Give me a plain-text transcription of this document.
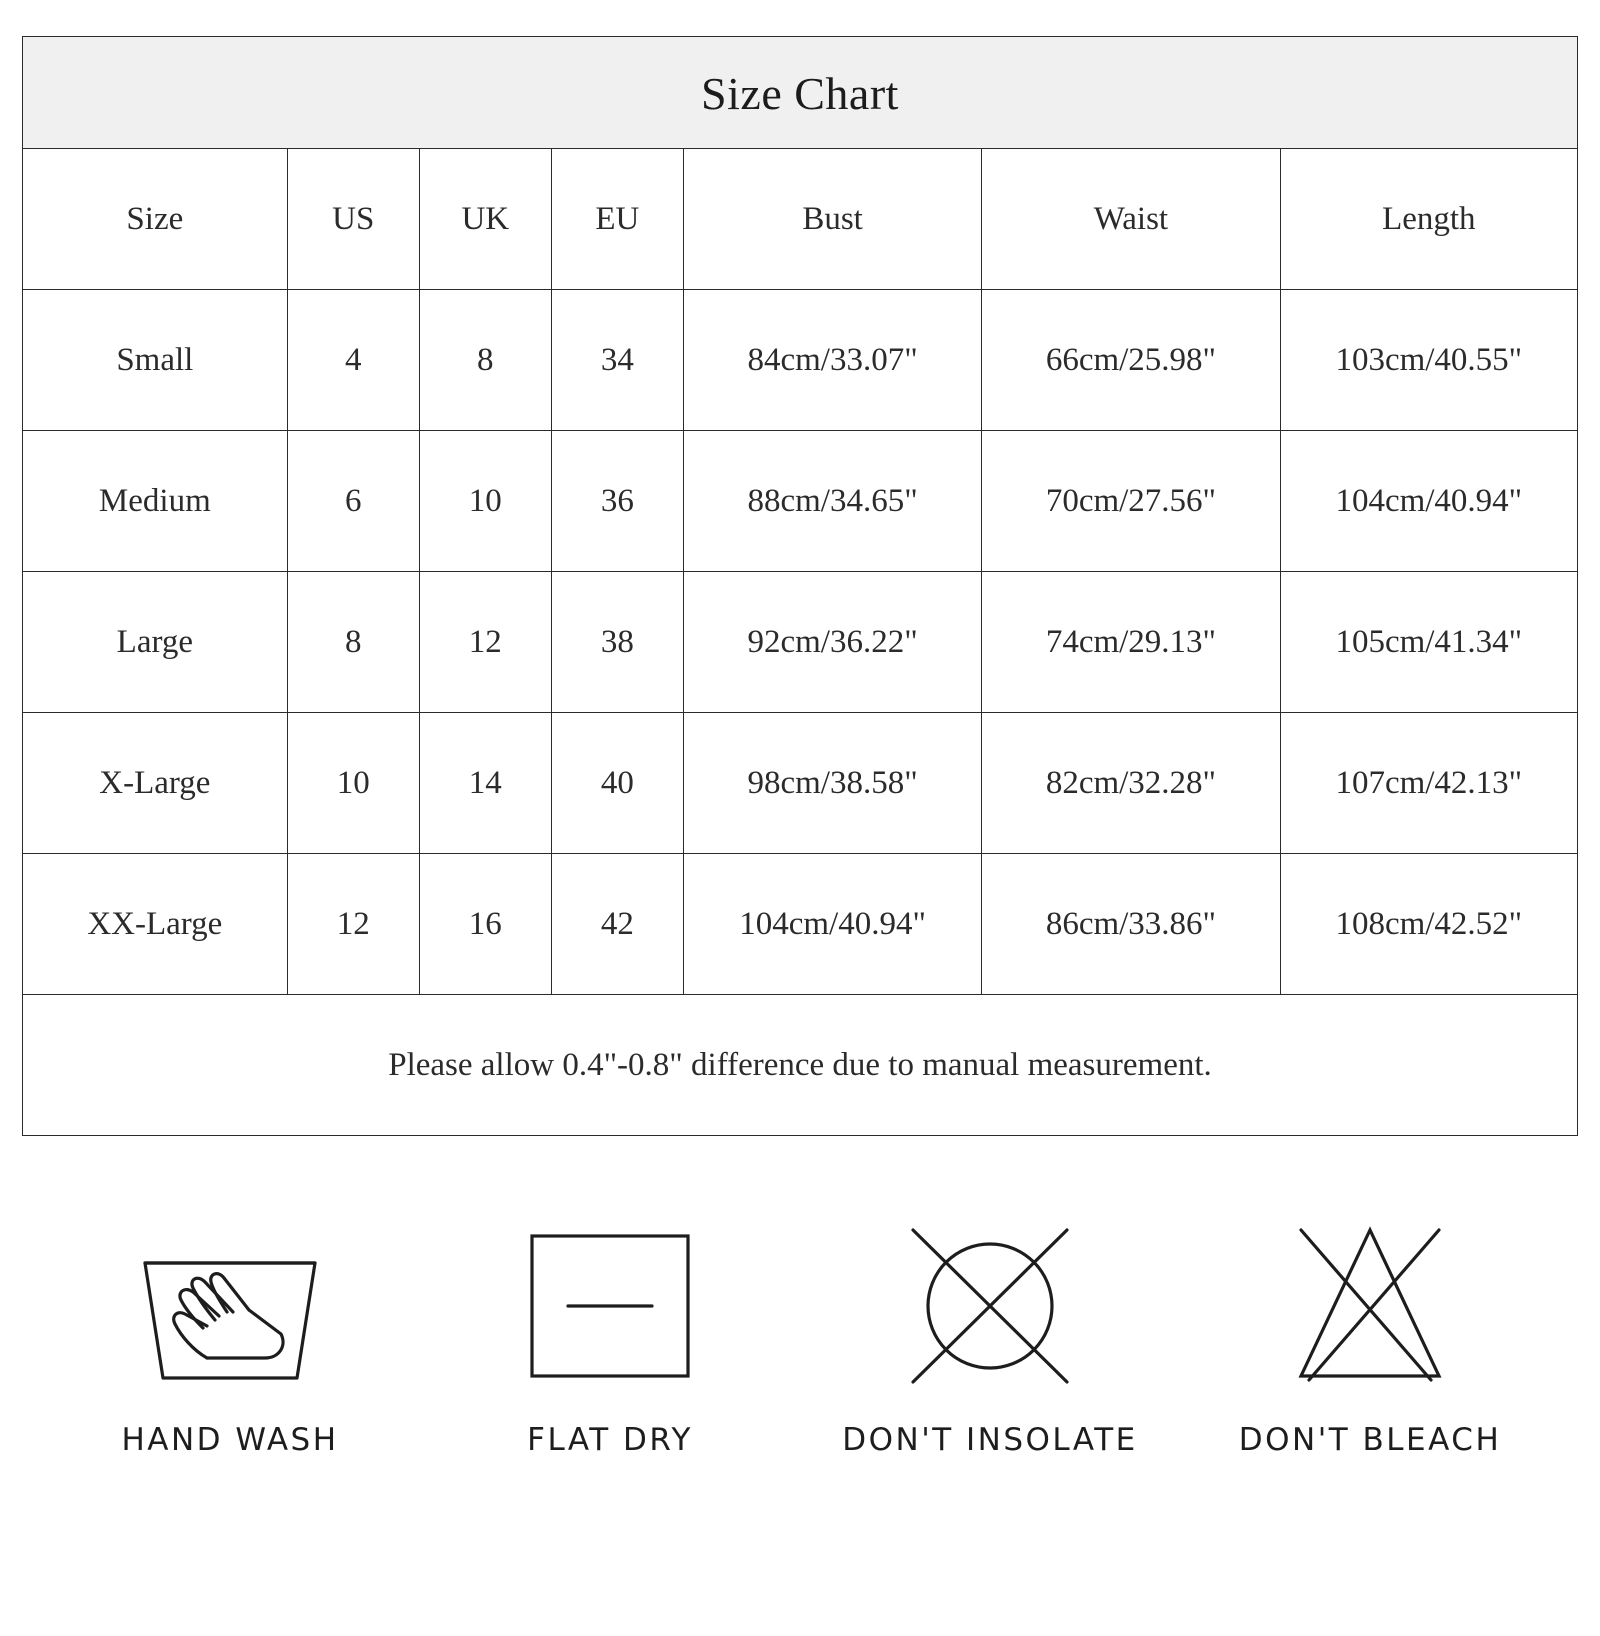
Size Chart
Size	US	UK	EU	Bust	Waist	Length
Small	4	8	34	84cm/33.07"	66cm/25.98"	103cm/40.55"
Medium	6	10	36	88cm/34.65"	70cm/27.56"	104cm/40.94"
Large	8	12	38	92cm/36.22"	74cm/29.13"	105cm/41.34"
X-Large	10	14	40	98cm/38.58"	82cm/32.28"	107cm/42.13"
XX-Large	12	16	42	104cm/40.94"	86cm/33.86"	108cm/42.52"
Please allow 0.4"-0.8" difference due to manual measurement.						
HAND WASH	FLAT DRY	DON'T INSOLATE	DON'T BLEACH
